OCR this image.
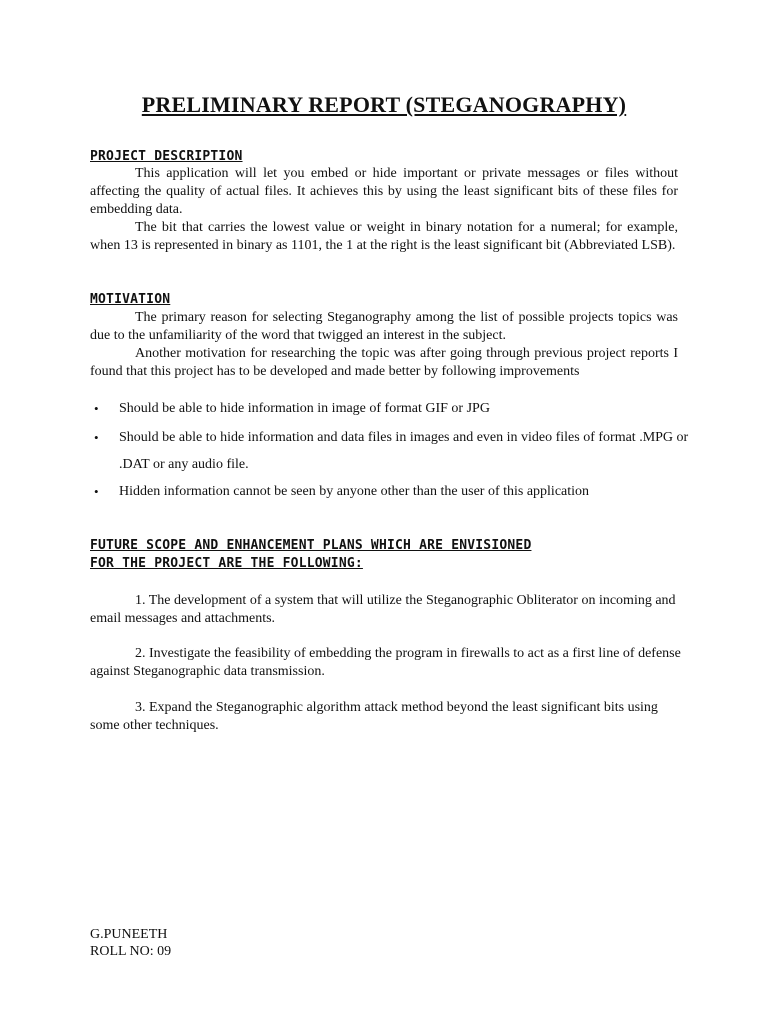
PRELIMINARY REPORT (STEGANOGRAPHY)
PROJECT DESCRIPTION
This application will let you embed or hide important or private messages or files without affecting the quality of actual files. It achieves this by using the least significant bits of these files for embedding data.
The bit that carries the lowest value or weight in binary notation for a numeral; for example, when 13 is represented in binary as 1101, the 1 at the right is the least significant bit (Abbreviated LSB).
MOTIVATION
The primary reason for selecting Steganography among the list of possible projects topics was due to the unfamiliarity of the word that twigged an interest in the subject.
Another motivation for researching the topic was after going through previous project reports I found that this project has to be developed and made better by following improvements
• Should be able to hide information in image of format GIF or JPG
• Should be able to hide information and data files in images and even in video files of format .MPG or .DAT or any audio file.
• Hidden information cannot be seen by anyone other than the user of this application
FUTURE SCOPE AND ENHANCEMENT PLANS WHICH ARE ENVISIONED
FOR THE PROJECT ARE THE FOLLOWING:
1. The development of a system that will utilize the Steganographic Obliterator on incoming and email messages and attachments.
2. Investigate the feasibility of embedding the program in firewalls to act as a first line of defense against Steganographic data transmission.
3. Expand the Steganographic algorithm attack method beyond the least significant bits using some other techniques.
G.PUNEETH
ROLL NO: 09
